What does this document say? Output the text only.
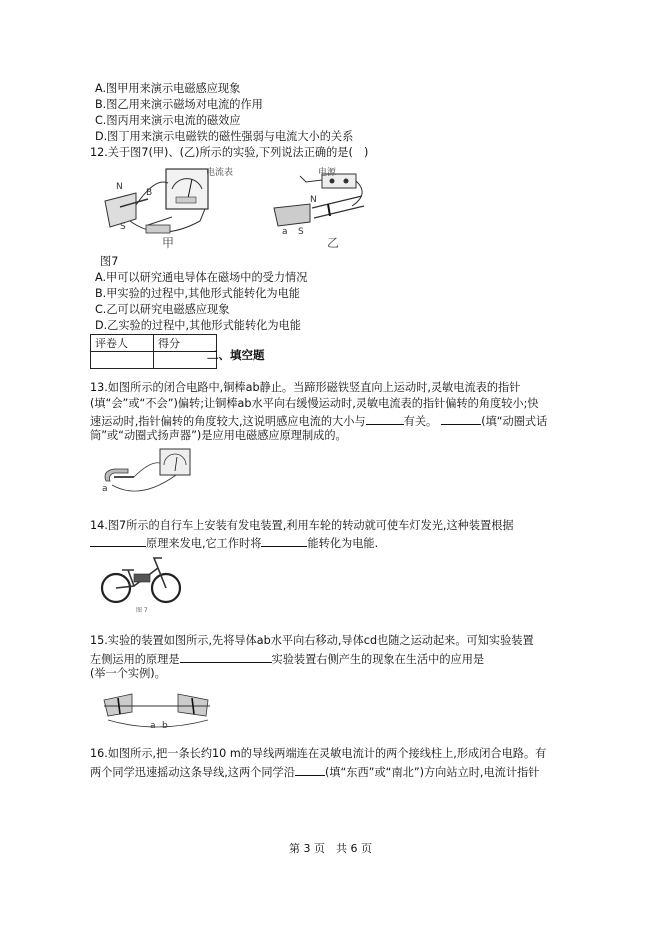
A.图甲用来演示电磁感应现象
B.图乙用来演示磁场对电流的作用
C.图丙用来演示电流的磁效应
D.图丁用来演示电磁铁的磁性强弱与电流大小的关系
12.关于图7(甲)、(乙)所示的实验,下列说法正确的是(　)
N
S
B
电流表
甲
N
a S
电源
乙
图7
A.甲可以研究通电导体在磁场中的受力情况
B.甲实验的过程中,其他形式能转化为电能
C.乙可以研究电磁感应现象
D.乙实验的过程中,其他形式能转化为电能
评卷人	得分

二、填空题
13.如图所示的闭合电路中,铜棒ab静止。当蹄形磁铁竖直向上运动时,灵敏电流表的指针
(填“会”或“不会”)偏转;让铜棒ab水平向右缓慢运动时,灵敏电流表的指针偏转的角度较小;快
速运动时,指针偏转的角度较大,这说明感应电流的大小与	有关。	(填“动圈式话
筒”或“动圈式扬声器”)是应用电磁感应原理制成的。
a
14.图7所示的自行车上安装有发电装置,利用车轮的转动就可使车灯发光,这种装置根据
原理来发电,它工作时将	能转化为电能.
图 7
15.实验的装置如图所示,先将导体ab水平向右移动,导体cd也随之运动起来。可知实验装置
左侧运用的原理是	实验装置右侧产生的现象在生活中的应用是
(举一个实例)。
a b
16.如图所示,把一条长约10 m的导线两端连在灵敏电流计的两个接线柱上,形成闭合电路。有
两个同学迅速摇动这条导线,这两个同学沿	(填“东西”或“南北”)方向站立时,电流计指针
第 3 页　共 6 页
